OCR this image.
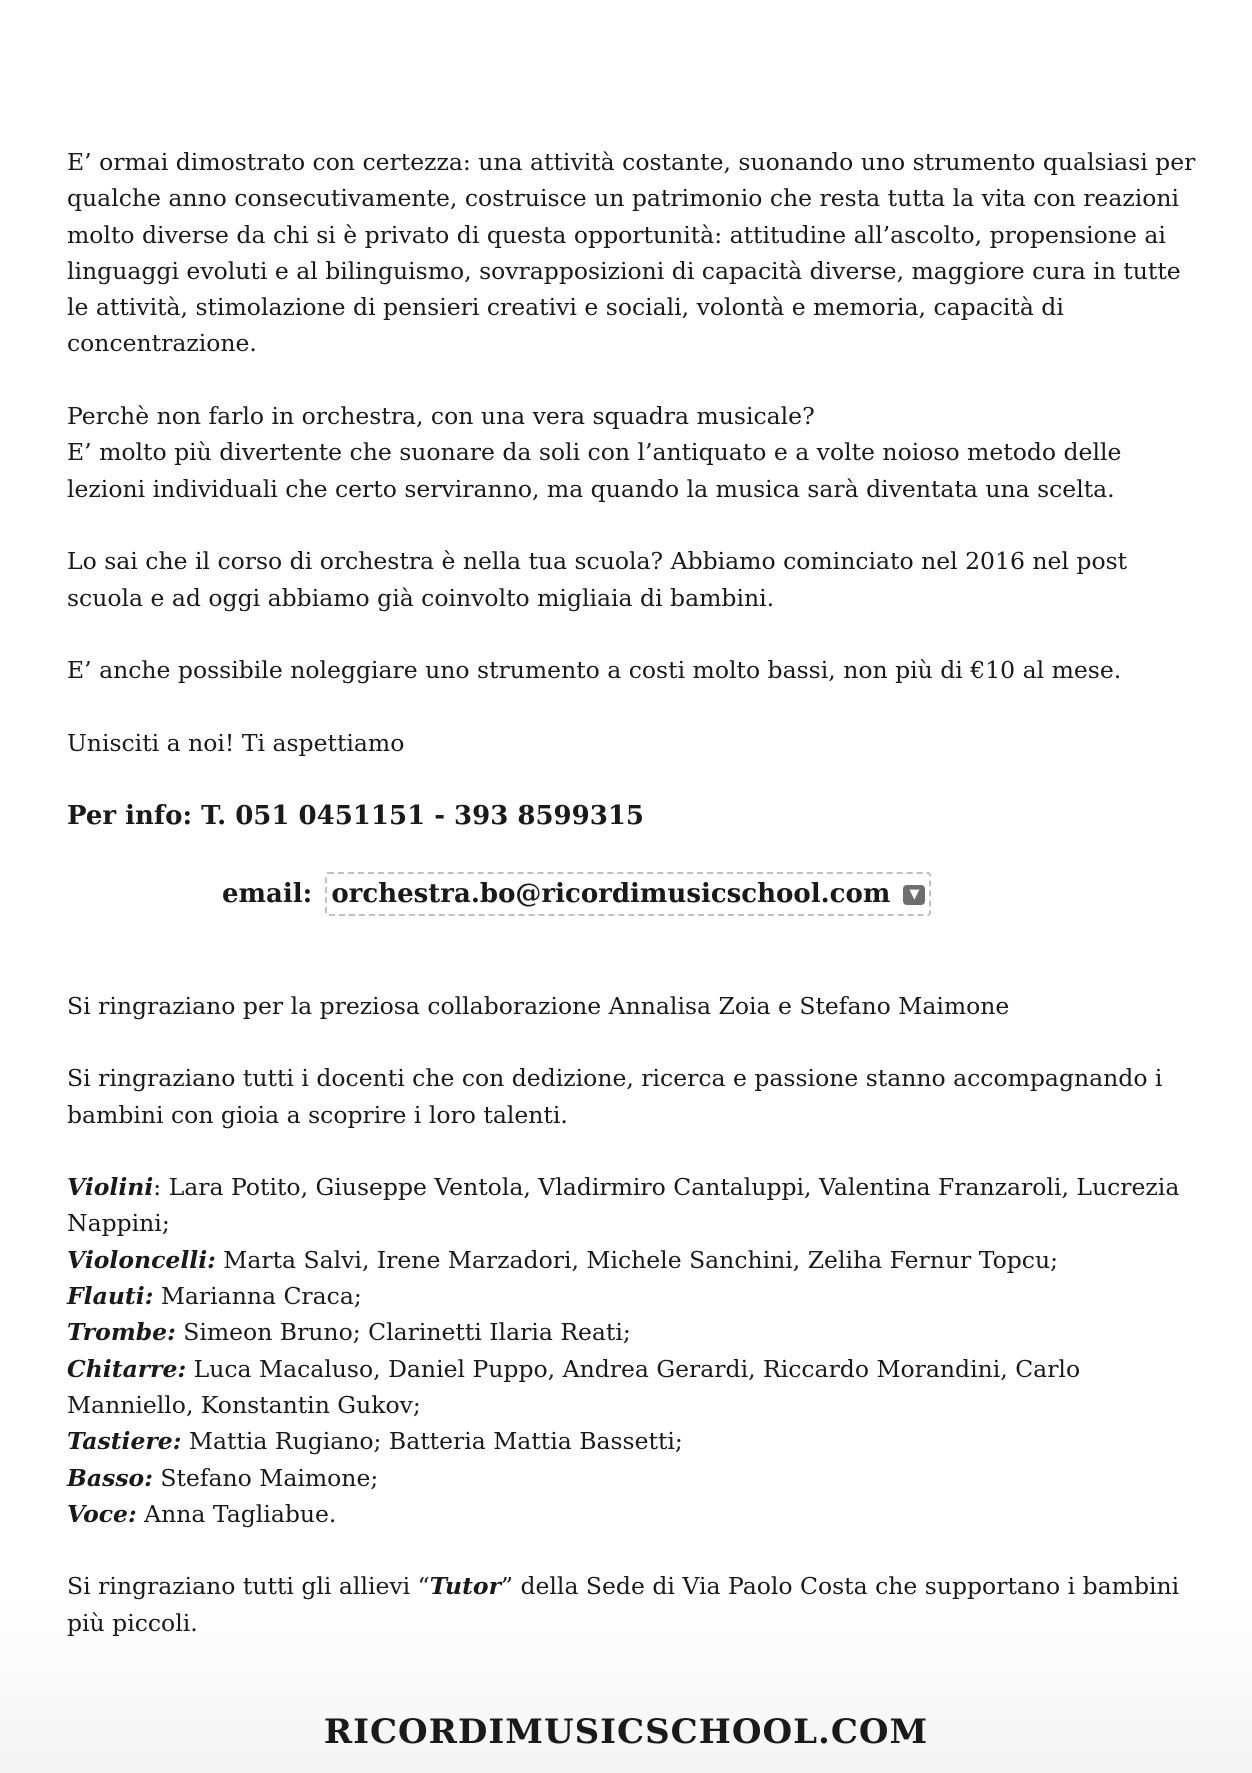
E’ ormai dimostrato con certezza: una attività costante, suonando uno strumento qualsiasi per qualche anno consecutivamente, costruisce un patrimonio che resta tutta la vita con reazioni molto diverse da chi si è privato di questa opportunità: attitudine all’ascolto, propensione ai linguaggi evoluti e al bilinguismo, sovrapposizioni di capacità diverse, maggiore cura in tutte le attività, stimolazione di pensieri creativi e sociali, volontà e memoria, capacità di concentrazione.

Perchè non farlo in orchestra, con una vera squadra musicale?

E’ molto più divertente che suonare da soli con l’antiquato e a volte noioso metodo delle lezioni individuali che certo serviranno, ma quando la musica sarà diventata una scelta.

Lo sai che il corso di orchestra è nella tua scuola? Abbiamo cominciato nel 2016 nel post scuola e ad oggi abbiamo già coinvolto migliaia di bambini.

E’ anche possibile noleggiare uno strumento a costi molto bassi, non più di €10 al mese.

Unisciti a noi! Ti aspettiamo

Per info: T. 051 0451151 - 393 8599315

email: orchestra.bo@ricordimusicschool.com ▼

Si ringraziano per la preziosa collaborazione Annalisa Zoia e Stefano Maimone

Si ringraziano tutti i docenti che con dedizione, ricerca e passione stanno accompagnando i bambini con gioia a scoprire i loro talenti.

Violini: Lara Potito, Giuseppe Ventola, Vladirmiro Cantaluppi, Valentina Franzaroli, Lucrezia Nappini;

Violoncelli: Marta Salvi, Irene Marzadori, Michele Sanchini, Zeliha Fernur Topcu;

Flauti: Marianna Craca;

Trombe: Simeon Bruno; Clarinetti Ilaria Reati;

Chitarre: Luca Macaluso, Daniel Puppo, Andrea Gerardi, Riccardo Morandini, Carlo Manniello, Konstantin Gukov;

Tastiere: Mattia Rugiano; Batteria Mattia Bassetti;

Basso: Stefano Maimone;

Voce: Anna Tagliabue.

Si ringraziano tutti gli allievi “Tutor” della Sede di Via Paolo Costa che supportano i bambini più piccoli.

RICORDIMUSICSCHOOL.COM
